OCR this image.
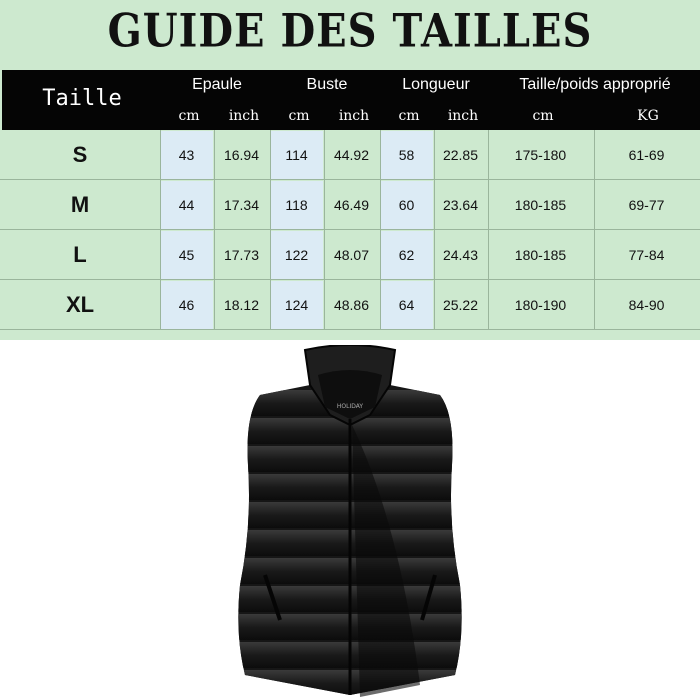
GUIDE DES TAILLES
Taille
Epaule	Buste	Longueur	Taille/poids approprié
cm	inch	cm	inch	cm	inch	cm	KG
S	43	16.94	114	44.92	58	22.85	175-180	61-69
M	44	17.34	118	46.49	60	23.64	180-185	69-77
L	45	17.73	122	48.07	62	24.43	180-185	77-84
XL	46	18.12	124	48.86	64	25.22	180-190	84-90
HOLIDAY
